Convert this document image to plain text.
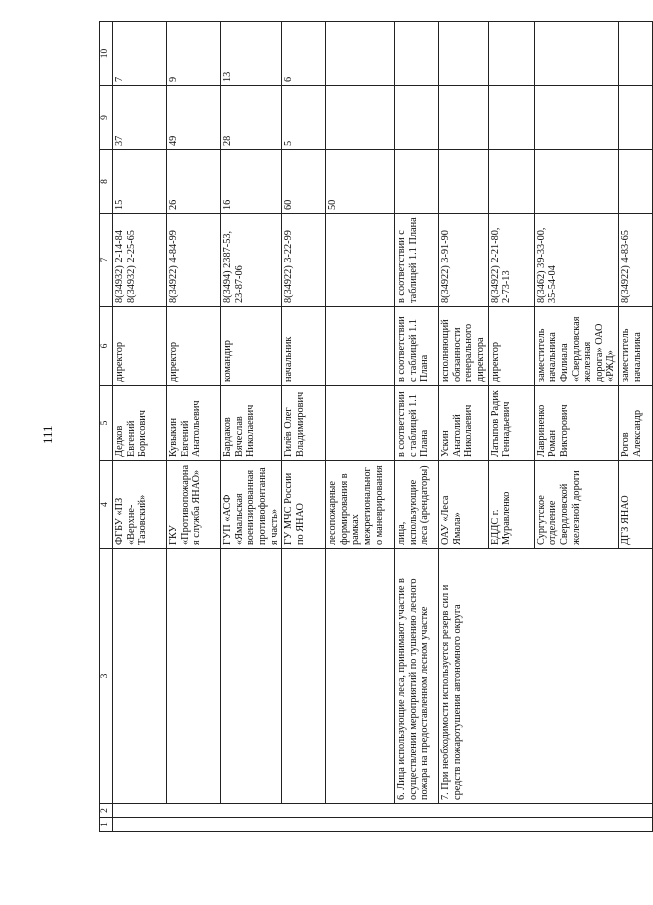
111
1	2	3	4	5	6	7	8	9	10
			ФГБУ «ПЗ «Верхне-Тазовский»	Дедков Евгений Борисович	директор	8(34932) 2-14-84 8(34932) 2-25-65	15	37	7
			ГКУ «Противопожарная служба ЯНАО»	Кувыкин Евгений Анатольевич	директор	8(34922) 4-84-99	26	49	9
			ГУП «АСФ «Ямальская военизированная противофонтанная часть»	Бардаков Вячеслав Николаевич	командир	8(3494) 2387-53, 23-87-06	16	28	13
			ГУ МЧС России по ЯНАО	Гилёв Олег Владимирович	начальник	8(34922) 3-22-99	60	5	6
			лесопожарные формирования в рамках межрегионального маневрирования				50		
		6. Лица использующие леса, принимают участие в осуществлении мероприятий по тушению лесного пожара на предоставленном лесном участке	лица, использующие леса (арендаторы)	в соответствии с таблицей 1.1 Плана	в соответствии с таблицей 1.1 Плана	в соответствии с таблицей 1.1 Плана			
		7. При необходимости используется резерв сил и средств пожаротушения автономного округа	ОАУ «Леса Ямала»	Ускин Анатолий Николаевич	исполняющий обязанности генерального директора	8(34922) 3-91-90			
			ЕДДС г. Муравленко	Латыпов Радик Геннадьевич	директор	8(34922) 2-21-80, 2-73-13			
			Сургутское отделение Свердловской железной дороги	Лавриненко Роман Викторович	заместитель начальника Филиала «Свердловская железная дорога» ОАО «РЖД»	8(3462) 39-33-00, 35-54-04			
			ДГЗ ЯНАО	Рогов Александр	заместитель начальника	8(34922) 4-83-65			
